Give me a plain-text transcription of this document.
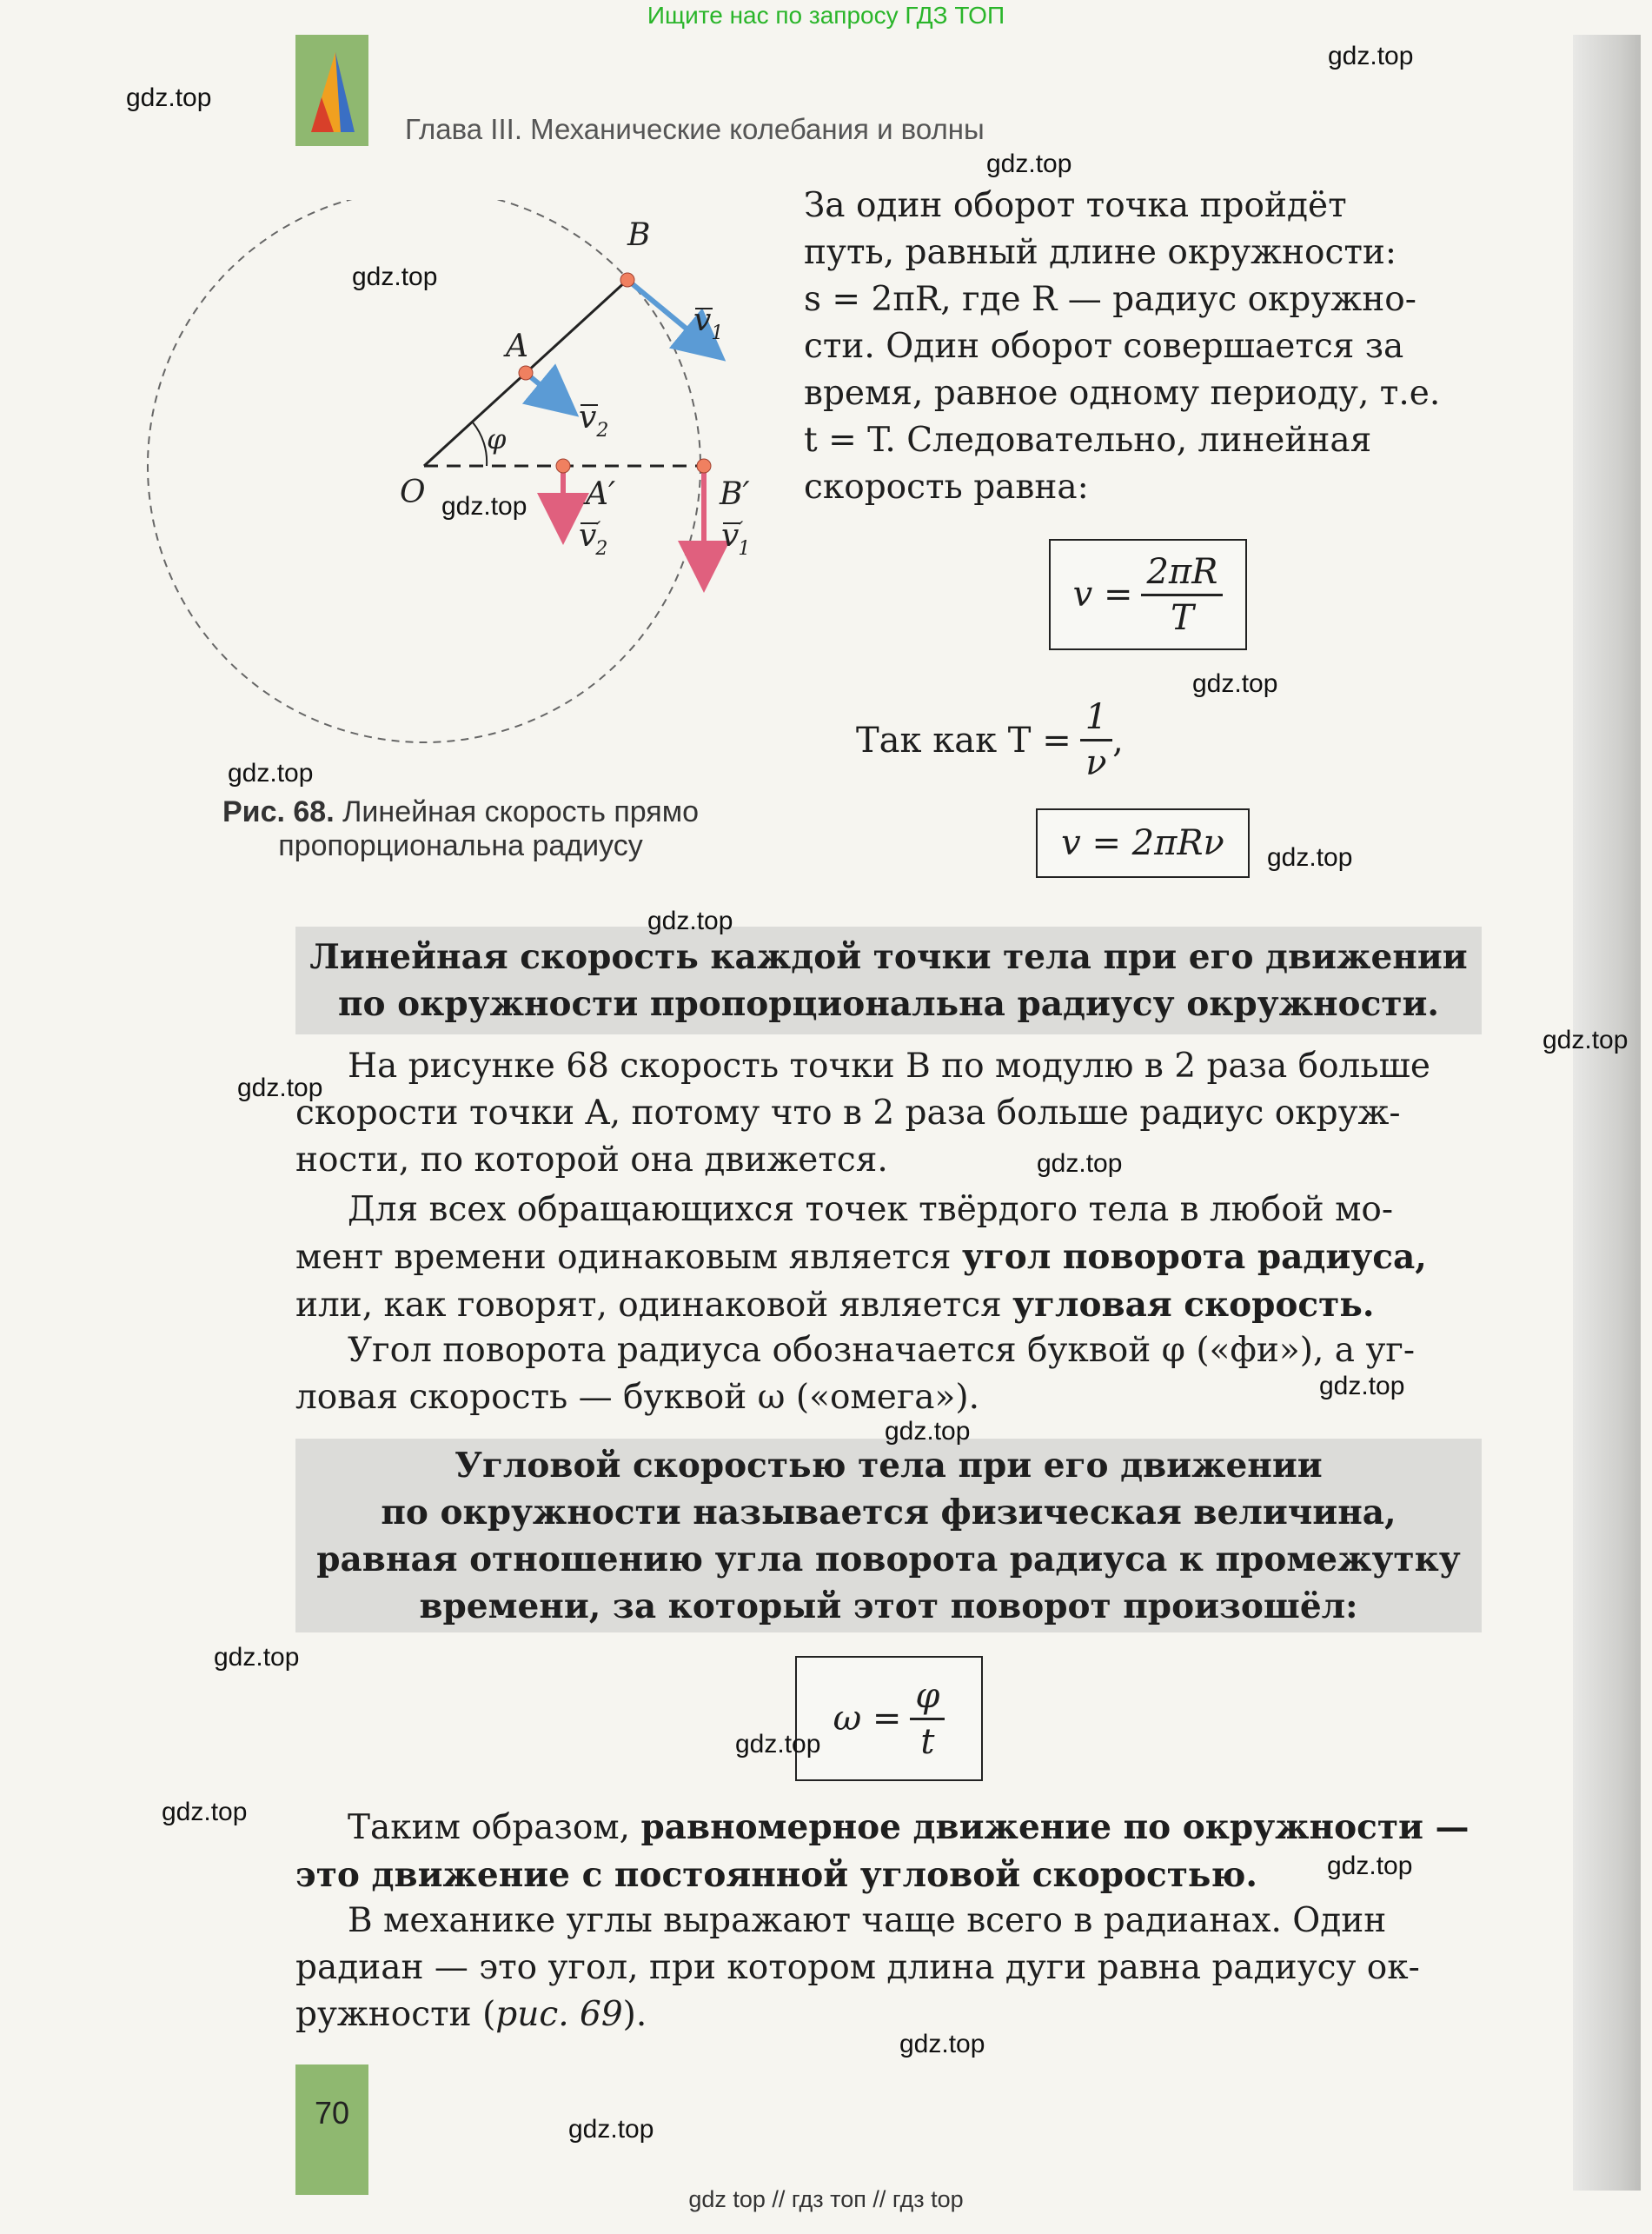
Ищите нас по запросу ГДЗ ТОП
Глава III. Механические колебания и волны
O
A
B
A′	B′
φ
$v_1$
$v_2$
v′ 2	v′ 1
Рис. 68. Линейная скорость прямо
пропорциональна радиусу
За один оборот точка пройдёт
путь, равный длине окружности:
s = 2πR, где R — радиус окружно-
сти. Один оборот совершается за
время, равное одному периоду, т.е.
t = T. Следовательно, линейная
скорость равна:
$v = \frac{2\pi R}{T}$
Так как $T = \frac{1}{\nu}$ ,
v = 2πRν
Линейная скорость каждой точки тела при его движении
по окружности пропорциональна радиусу окружности.
На рисунке 68 скорость точки B по модулю в 2 раза больше
скорости точки A, потому что в 2 раза больше радиус окруж-
ности, по которой она движется.
Для всех обращающихся точек твёрдого тела в любой мо-
мент времени одинаковым является угол поворота радиуса,
или, как говорят, одинаковой является угловая скорость.
Угол поворота радиуса обозначается буквой φ («фи»), а уг-
ловая скорость — буквой ω («омега»).
Угловой скоростью тела при его движении
по окружности называется физическая величина,
равная отношению угла поворота радиуса к промежутку
времени, за который этот поворот произошёл:
$\omega = \frac{\varphi}{t}$
Таким образом, равномерное движение по окружности —
это движение с постоянной угловой скоростью.
В механике углы выражают чаще всего в радианах. Один
радиан — это угол, при котором длина дуги равна радиусу ок-
ружности (рис. 69).
70
gdz.top
gdz.top
gdz.top
gdz.top
gdz.top
gdz.top
gdz.top
gdz.top
gdz.top
gdz.top
gdz.top
gdz.top
gdz.top
gdz.top
gdz.top
gdz.top
gdz.top
gdz.top
gdz.top
gdz.top
gdz top // гдз топ // гдз top
